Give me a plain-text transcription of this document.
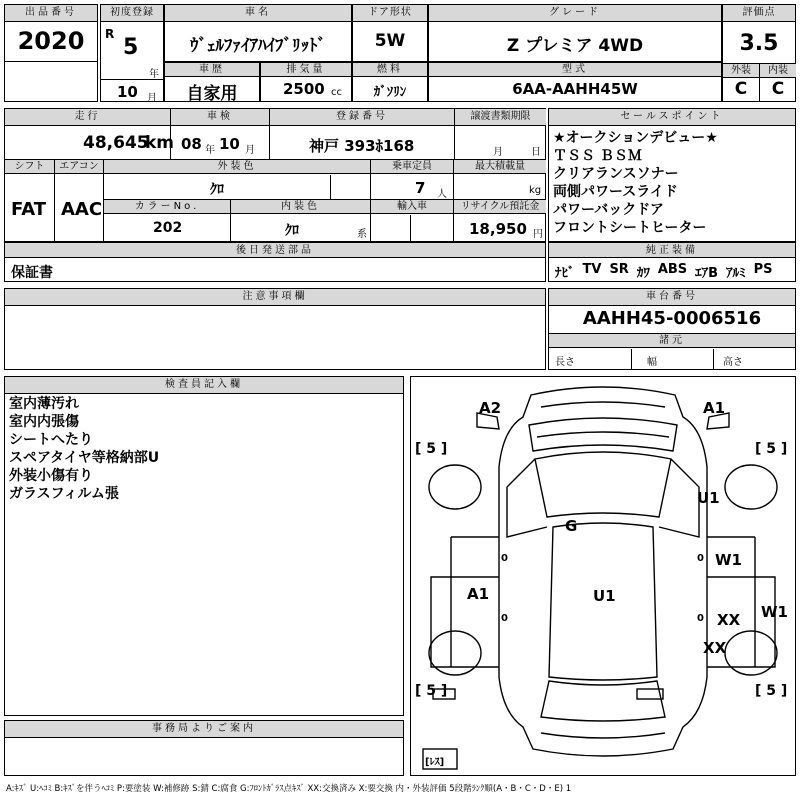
出品番号
2020
初度登録
R
5
年
10 月
車名
ｳﾞｪﾙﾌｧｲｱﾊｲﾌﾞﾘｯﾄﾞ
ドア形状
5W
グレード
Z プレミア 4WD
評価点
3.5
外装	内装
C	C
車歴
自家用
排気量
2500 cc
燃料
ｶﾞｿﾘﾝ
型式
6AA-AAHH45W
走行	車検	登録番号	譲渡書類期限
48,645
km 08 年 10 月	神戸 393ﾎ168	月	日
シフト	エアコン	外装色	乗車定員	最大積載量
FAT AAC
ｸﾛ	7 人	kg
カラーNo.	内装色	輸入車	リサイクル預託金
202	ｸﾛ	系	18,950 円
セールスポイント
★オークションデビュー★
ＴＳＳ ＢＳＭ
クリアランスソナー
両側パワースライド
パワーバックドア
フロントシートヒーター
後日発送部品
保証書
純正装備
ﾅﾋﾞ TV SR ｶﾜ ABS ｴｱB ｱﾙﾐ PS
注意事項欄	車台番号
AAHH45-0006516
諸元
長さ	幅	高さ
検査員記入欄
室内薄汚れ
室内内張傷
シートへたり
スペアタイヤ等格納部U
外装小傷有り
ガラスフィルム張
事務局よりご案内
[ 5 ]	[ 5 ]
[ 5 ]	[ 5 ]
[ﾚｽ]
A2	A1
U1
G
W1
A1	U1
W1
XX
XX
0	0
0	0
A:ｷｽﾞ U:ﾍｺﾐ B:ｷｽﾞを伴うﾍｺﾐ P:要塗装 W:補修跡 S:錆 C:腐食 G:ﾌﾛﾝﾄｶﾞﾗｽ点ｷｽﾞ XX:交換済み X:要交換 内・外装評価 5段階ﾗﾝｸ順(A・B・C・D・E) 1
